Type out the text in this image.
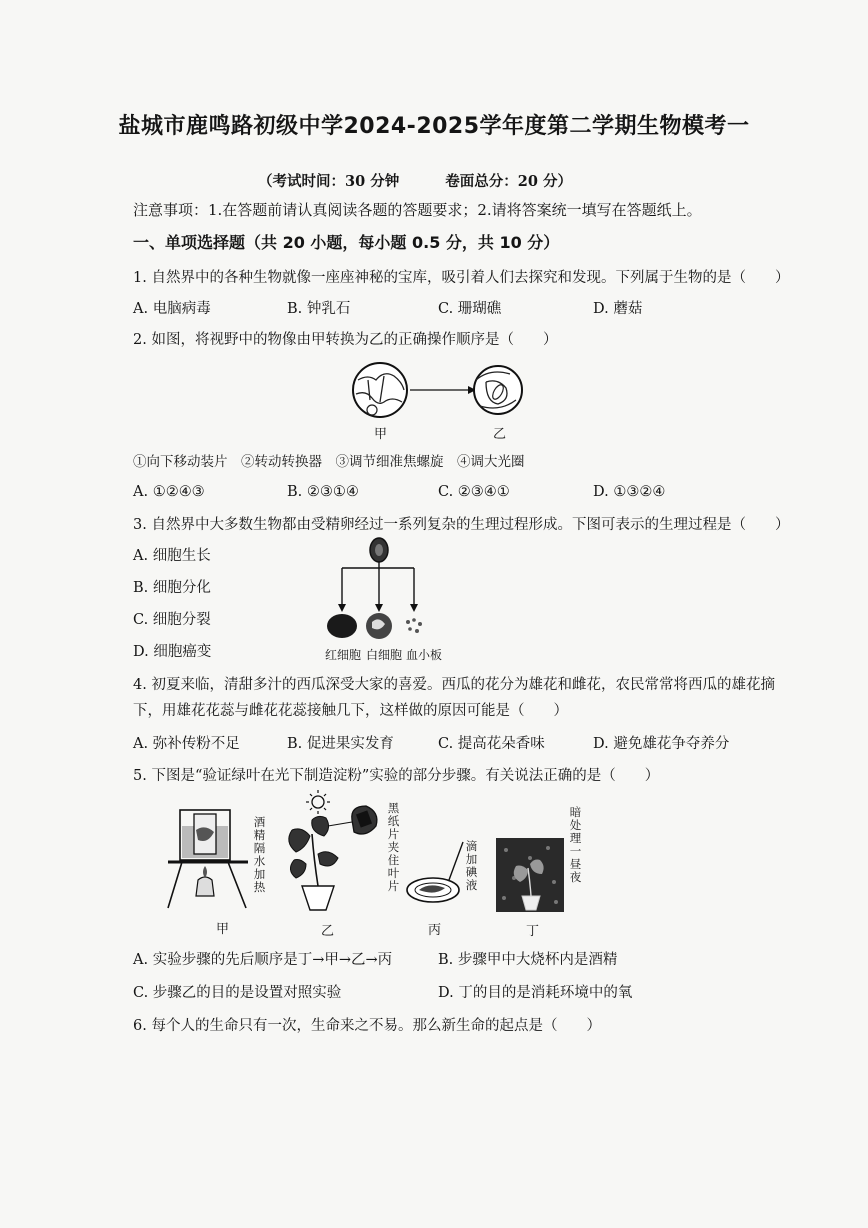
盐城市鹿鸣路初级中学2024-2025学年度第二学期生物模考一
（考试时间：30 分钟	卷面总分：20 分）
注意事项：1.在答题前请认真阅读各题的答题要求；2.请将答案统一填写在答题纸上。
一、单项选择题（共 20 小题，每小题 0.5 分，共 10 分）
1. 自然界中的各种生物就像一座座神秘的宝库，吸引着人们去探究和发现。下列属于生物的是（　　）
A. 电脑病毒	B. 钟乳石	C. 珊瑚礁	D. 蘑菇
2. 如图，将视野中的物像由甲转换为乙的正确操作顺序是（　　）
甲	乙
①向下移动装片　②转动转换器　③调节细准焦螺旋　④调大光圈
A. ①②④③	B. ②③①④	C. ②③④①	D. ①③②④
3. 自然界中大多数生物都由受精卵经过一系列复杂的生理过程形成。下图可表示的生理过程是（　　）
A. 细胞生长
B. 细胞分化
C. 细胞分裂
D. 细胞癌变	红细胞 白细胞 血小板
4. 初夏来临，清甜多汁的西瓜深受大家的喜爱。西瓜的花分为雄花和雌花，农民常常将西瓜的雄花摘
下，用雄花花蕊与雌花花蕊接触几下，这样做的原因可能是（　　）
A. 弥补传粉不足	B. 促进果实发育	C. 提高花朵香味	D. 避免雄花争夺养分
5. 下图是“验证绿叶在光下制造淀粉”实验的部分步骤。有关说法正确的是（　　）
酒精隔水加热
甲
黑纸片夹住叶片
乙
滴加碘液
丙
暗处理一昼夜
丁
A. 实验步骤的先后顺序是丁→甲→乙→丙	B. 步骤甲中大烧杯内是酒精
C. 步骤乙的目的是设置对照实验	D. 丁的目的是消耗环境中的氧
6. 每个人的生命只有一次，生命来之不易。那么新生命的起点是（　　）
